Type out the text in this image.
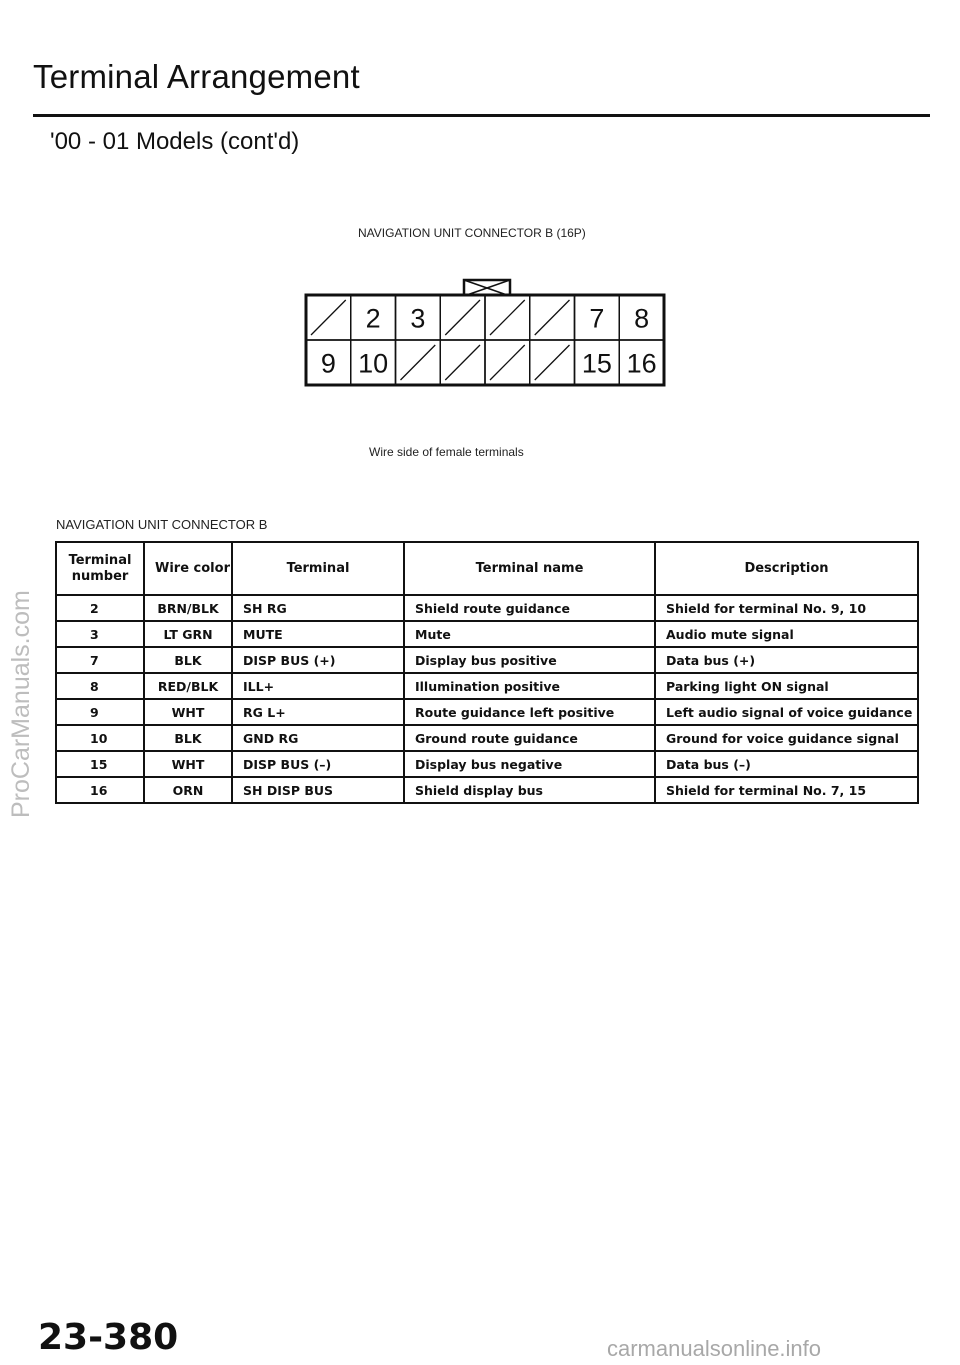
Terminal Arrangement
'00 - 01 Models (cont'd)
NAVIGATION UNIT CONNECTOR B (16P)
2 3	7 8
9 10	15 16
Wire side of female terminals
NAVIGATION UNIT CONNECTOR B
Terminal
number	Wire color	Terminal	Terminal name	Description
2	BRN/BLK	SH RG	Shield route guidance	Shield for terminal No. 9, 10
3	LT GRN	MUTE	Mute	Audio mute signal
7	BLK	DISP BUS (+)	Display bus positive	Data bus (+)
8	RED/BLK	ILL+	Illumination positive	Parking light ON signal
9	WHT	RG L+	Route guidance left positive	Left audio signal of voice guidance
10	BLK	GND RG	Ground route guidance	Ground for voice guidance signal
15	WHT	DISP BUS (–)	Display bus negative	Data bus (–)
16	ORN	SH DISP BUS	Shield display bus	Shield for terminal No. 7, 15
ProCarManuals.com
23-380	carmanualsonline.info
